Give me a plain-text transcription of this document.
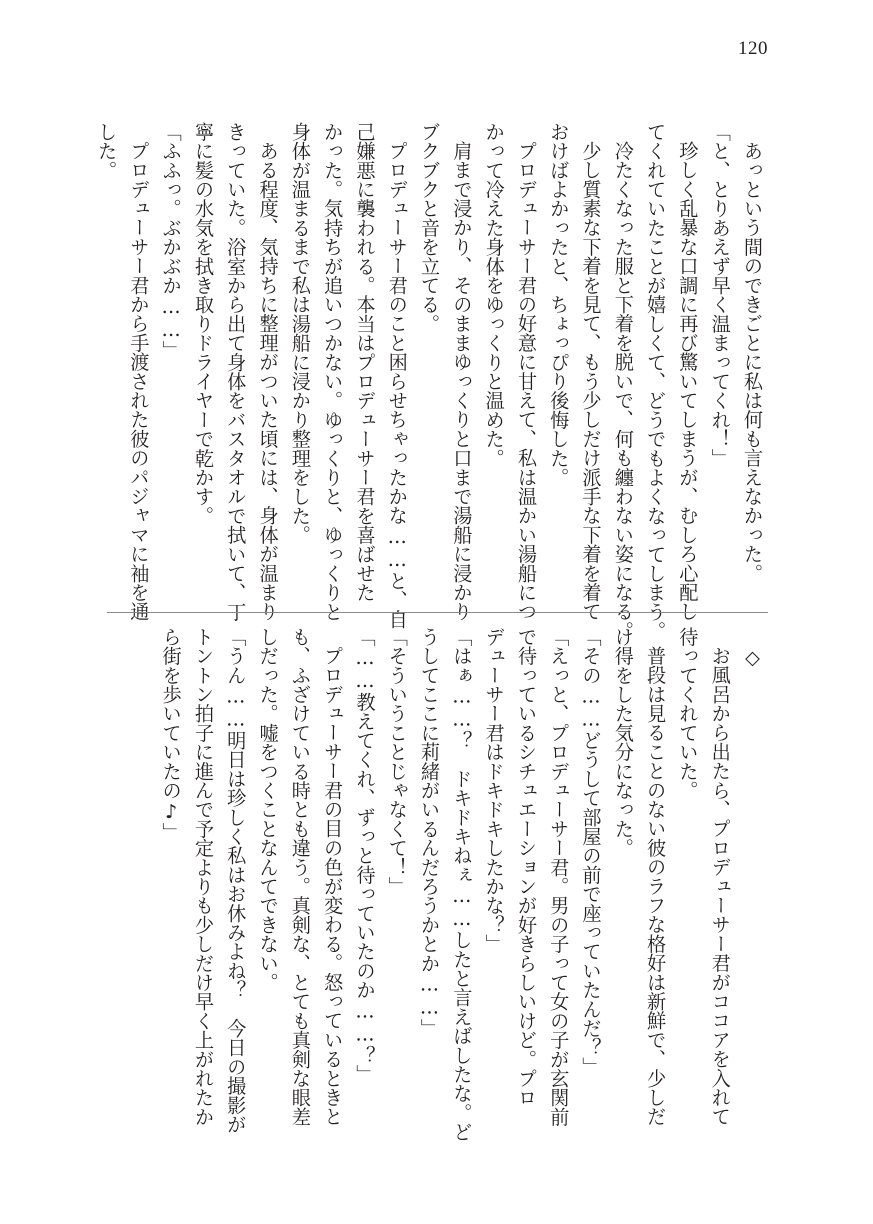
120

あっという間のできごとに私は何も言えなかった。

「と、とりあえず早く温まってくれ！」

珍しく乱暴な口調に再び驚いてしまうが、むしろ心配し

てくれていたことが嬉しくて、どうでもよくなってしまう。

冷たくなった服と下着を脱いで、何も纏わない姿になる。

少し質素な下着を見て、もう少しだけ派手な下着を着て

おけばよかったと、ちょっぴり後悔した。

プロデューサー君の好意に甘えて、私は温かい湯船につ

かって冷えた身体をゆっくりと温めた。

肩まで浸かり、そのままゆっくりと口まで湯船に浸かり

ブクブクと音を立てる。

プロデューサー君のこと困らせちゃったかな……と、自

己嫌悪に襲われる。本当はプロデューサー君を喜ばせた

かった。気持ちが追いつかない。ゆっくりと、ゆっくりと

身体が温まるまで私は湯船に浸かり整理をした。

ある程度、気持ちに整理がついた頃には、身体が温まり

きっていた。浴室から出て身体をバスタオルで拭いて、丁

寧に髪の水気を拭き取りドライヤーで乾かす。

「ふふっ。ぶかぶか……」

プロデューサー君から手渡された彼のパジャマに袖を通

した。

◇

お風呂から出たら、プロデューサー君がココアを入れて

待ってくれていた。

普段は見ることのない彼のラフな格好は新鮮で、少しだ

け得をした気分になった。

「その……どうして部屋の前で座っていたんだ？」

「えっと、プロデューサー君。男の子って女の子が玄関前

で待っているシチュエーションが好きらしいけど。プロ

デューサー君はドキドキしたかな？」

「はぁ……？　ドキドキねぇ……したと言えばしたな。ど

うしてここに莉緒がいるんだろうかとか……」

「そういうことじゃなくて！」

「……教えてくれ、ずっと待っていたのか……？」

プロデューサー君の目の色が変わる。怒っているときと

も、ふざけている時とも違う。真剣な、とても真剣な眼差

しだった。嘘をつくことなんてできない。

「うん……明日は珍しく私はお休みよね？　今日の撮影が

トントン拍子に進んで予定よりも少しだけ早く上がれたか

ら街を歩いていたの♪」
